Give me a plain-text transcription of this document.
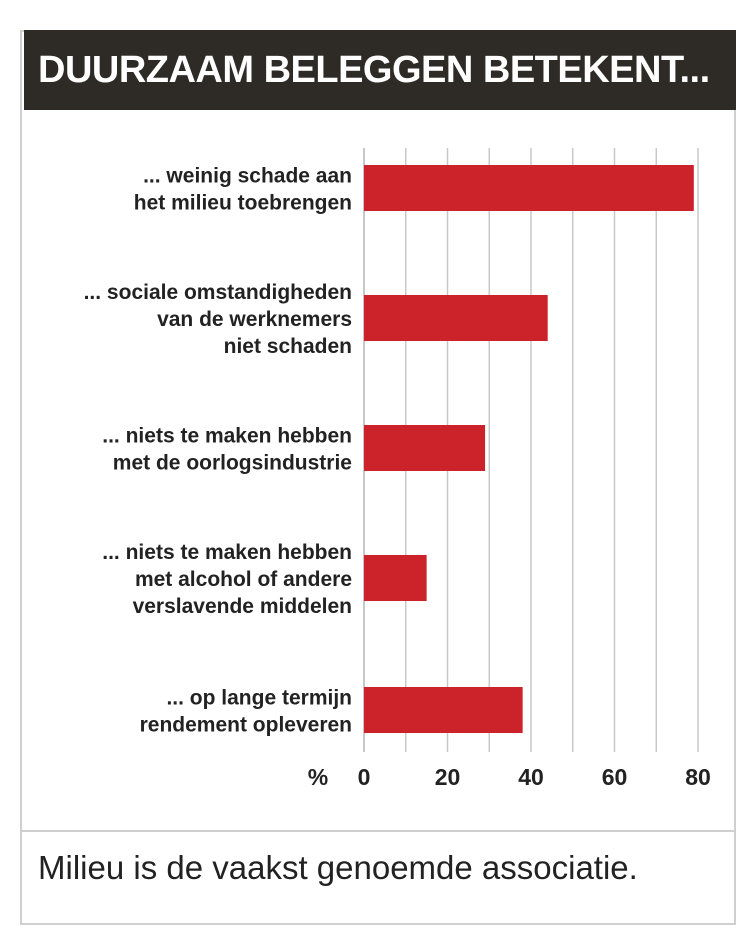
DUURZAAM BELEGGEN BETEKENT...
... weinig schade aan het milieu toebrengen
... sociale omstandigheden van de werknemers niet schaden
... niets te maken hebben met de oorlogsindustrie
... niets te maken hebben met alcohol of andere verslavende middelen
... op lange termijn rendement opleveren
0	20	40	60	80
%
Milieu is de vaakst genoemde associatie.
